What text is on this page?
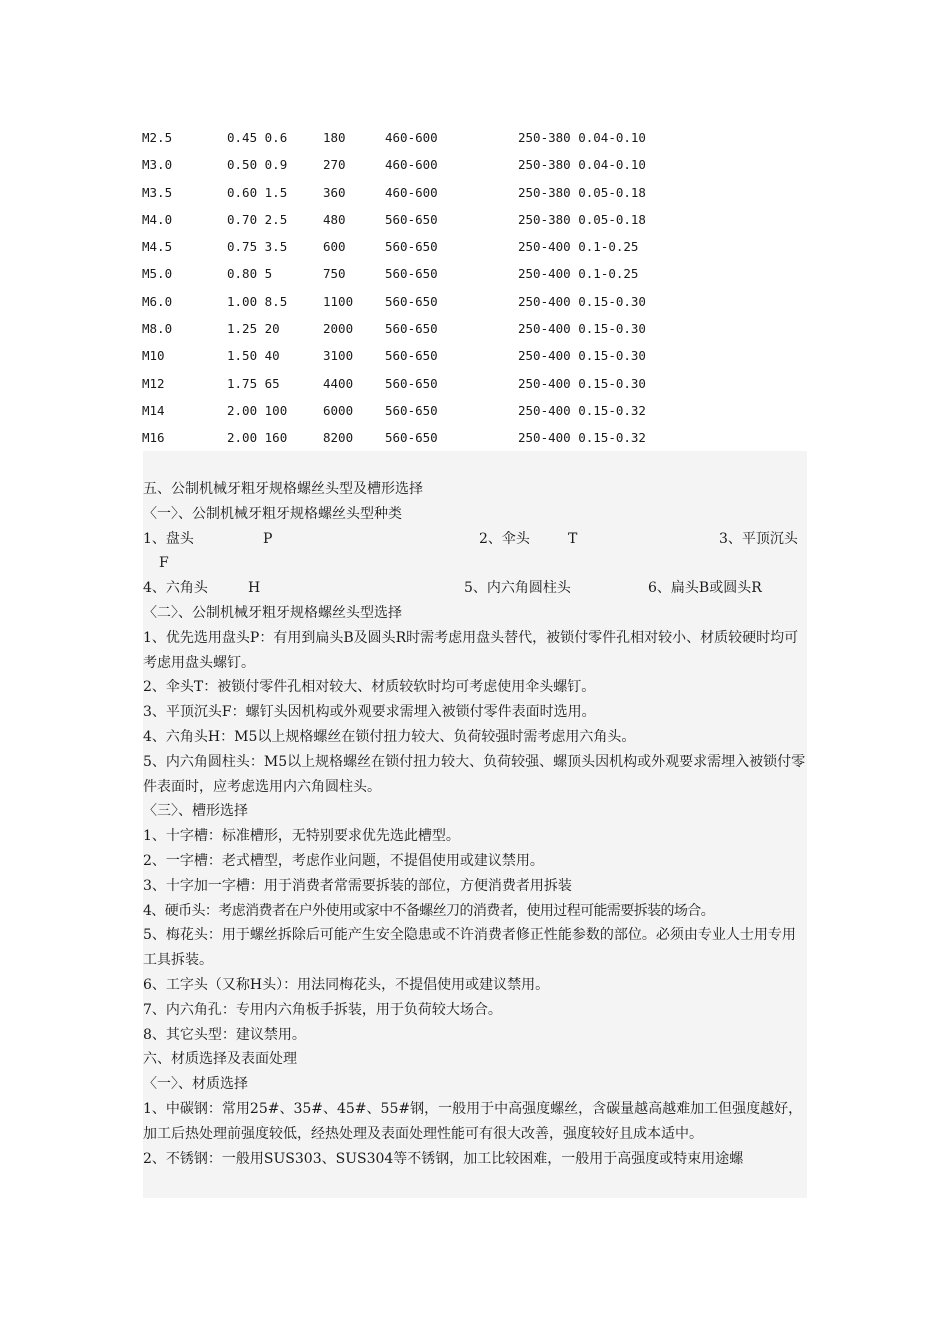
M2.5	0.45 0.6	180	460-600	250-380 0.04-0.10
M3.0	0.50 0.9	270	460-600	250-380 0.04-0.10
M3.5	0.60 1.5	360	460-600	250-380 0.05-0.18
M4.0	0.70 2.5	480	560-650	250-380 0.05-0.18
M4.5	0.75 3.5	600	560-650	250-400 0.1-0.25
M5.0	0.80 5	750	560-650	250-400 0.1-0.25
M6.0	1.00 8.5	1100	560-650	250-400 0.15-0.30
M8.0	1.25 20	2000	560-650	250-400 0.15-0.30
M10	1.50 40	3100	560-650	250-400 0.15-0.30
M12	1.75 65	4400	560-650	250-400 0.15-0.30
M14	2.00 100	6000	560-650	250-400 0.15-0.32
M16	2.00 160	8200	560-650	250-400 0.15-0.32
五、公制机械牙粗牙规格螺丝头型及槽形选择
〈一〉、公制机械牙粗牙规格螺丝头型种类
1、盘头	P	2、伞头	T	3、平顶沉头
F
4、六角头	H	5、内六角圆柱头	6、扁头B或圆头R
〈二〉、公制机械牙粗牙规格螺丝头型选择
1、优先选用盘头P：有用到扁头B及圆头R时需考虑用盘头替代，被锁付零件孔相对较小、材质较硬时均可考虑用盘头螺钉。
2、伞头T：被锁付零件孔相对较大、材质较软时均可考虑使用伞头螺钉。
3、平顶沉头F：螺钉头因机构或外观要求需埋入被锁付零件表面时选用。
4、六角头H：M5以上规格螺丝在锁付扭力较大、负荷较强时需考虑用六角头。
5、内六角圆柱头：M5以上规格螺丝在锁付扭力较大、负荷较强、螺顶头因机构或外观要求需埋入被锁付零件表面时，应考虑选用内六角圆柱头。
〈三〉、槽形选择
1、十字槽：标准槽形，无特别要求优先选此槽型。
2、一字槽：老式槽型，考虑作业问题，不提倡使用或建议禁用。
3、十字加一字槽：用于消费者常需要拆装的部位，方便消费者用拆装
4、硬币头：考虑消费者在户外使用或家中不备螺丝刀的消费者，使用过程可能需要拆装的场合。
5、梅花头：用于螺丝拆除后可能产生安全隐患或不许消费者修正性能参数的部位。必须由专业人士用专用工具拆装。
6、工字头（又称H头）：用法同梅花头，不提倡使用或建议禁用。
7、内六角孔：专用内六角板手拆装，用于负荷较大场合。
8、其它头型：建议禁用。
六、材质选择及表面处理
〈一〉、材质选择
1、中碳钢：常用25#、35#、45#、55#钢，一般用于中高强度螺丝，含碳量越高越难加工但强度越好，加工后热处理前强度较低，经热处理及表面处理性能可有很大改善，强度较好且成本适中。
2、不锈钢：一般用SUS303、SUS304等不锈钢，加工比较困难，一般用于高强度或特束用途螺
